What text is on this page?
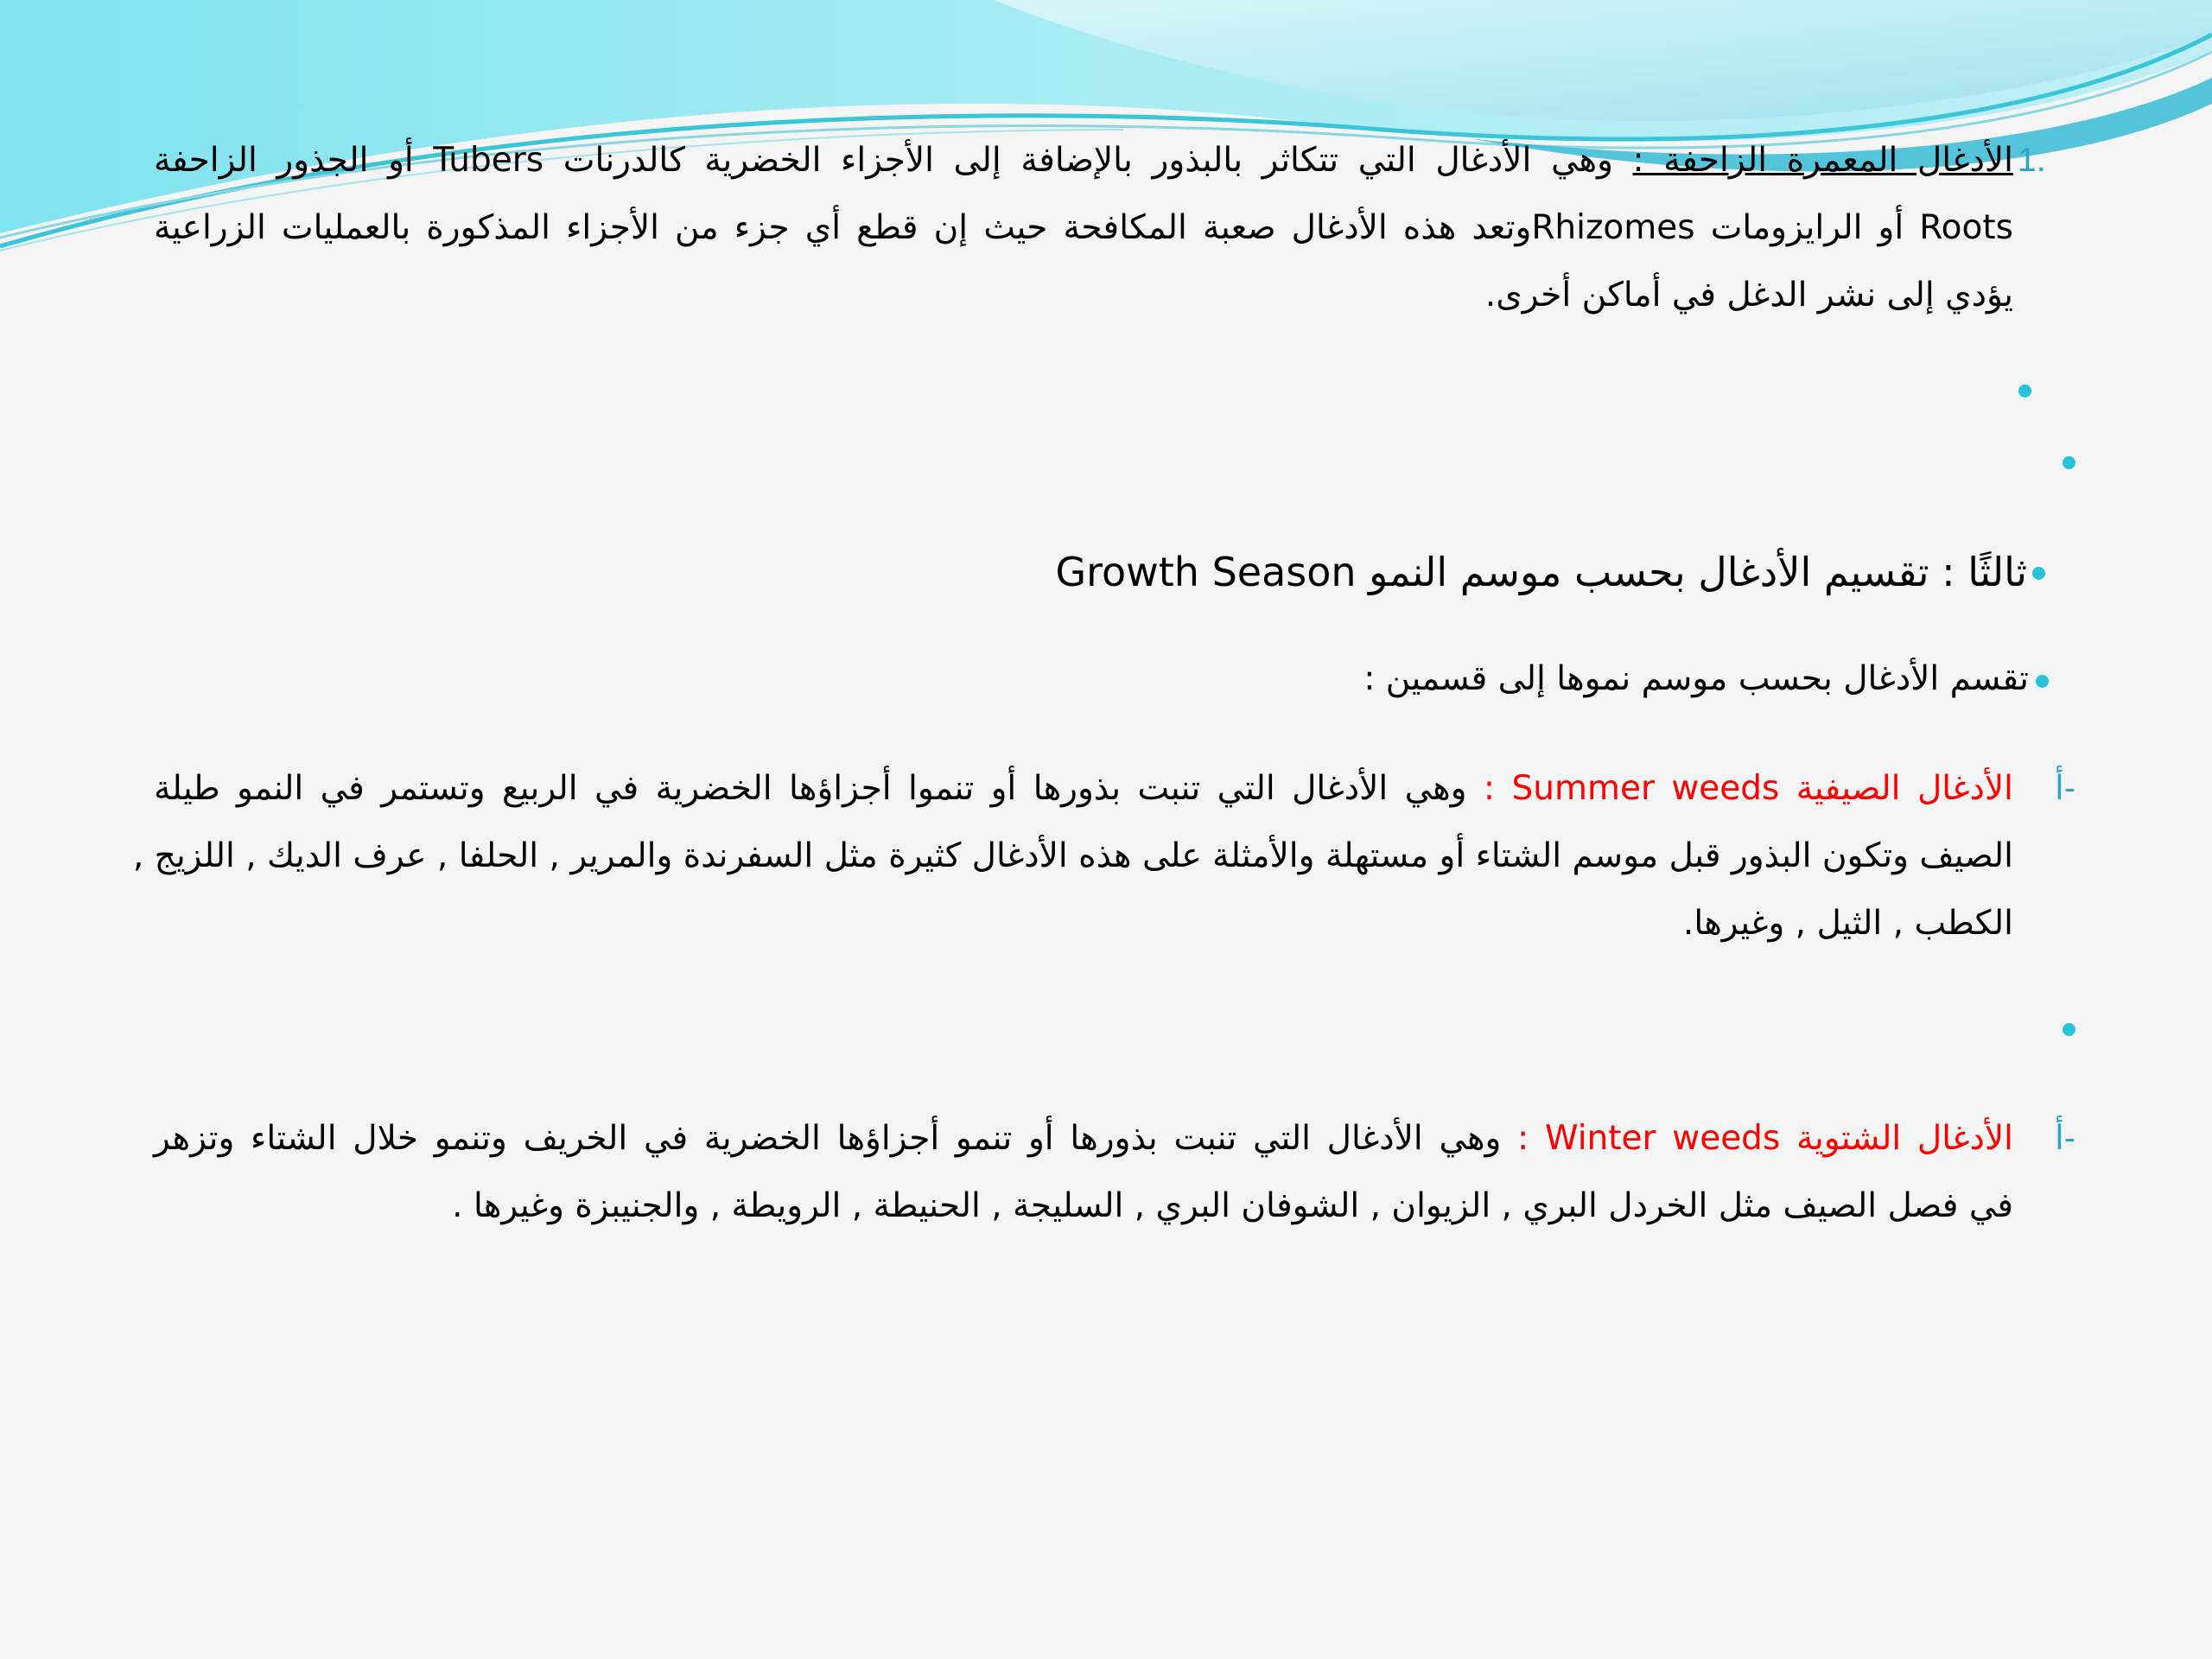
1.
الأدغال المعمرة الزاحفة : وهي الأدغال التي تتكاثر بالبذور بالإضافة إلى الأجزاء الخضرية كالدرنات Tubers أو الجذور الزاحفة
Roots أو الرايزومات Rhizomesوتعد هذه الأدغال صعبة المكافحة حيث إن قطع أي جزء من الأجزاء المذكورة بالعمليات الزراعية
يؤدي إلى نشر الدغل في أماكن أخرى.
ثالثًا : تقسيم الأدغال بحسب موسم النمو Growth Season
تقسم الأدغال بحسب موسم نموها إلى قسمين :
أ-
الأدغال الصيفية Summer weeds : وهي الأدغال التي تنبت بذورها أو تنموا أجزاؤها الخضرية في الربيع وتستمر في النمو طيلة
الصيف وتكون البذور قبل موسم الشتاء أو مستهلة والأمثلة على هذه الأدغال كثيرة مثل السفرندة والمرير , الحلفا , عرف الديك , اللزيج ,
الكطب , الثيل , وغيرها.
أ-
الأدغال الشتوية Winter weeds : وهي الأدغال التي تنبت بذورها أو تنمو أجزاؤها الخضرية في الخريف وتنمو خلال الشتاء وتزهر
في فصل الصيف مثل الخردل البري , الزيوان , الشوفان البري , السليجة , الحنيطة , الرويطة , والجنيبزة وغيرها .
